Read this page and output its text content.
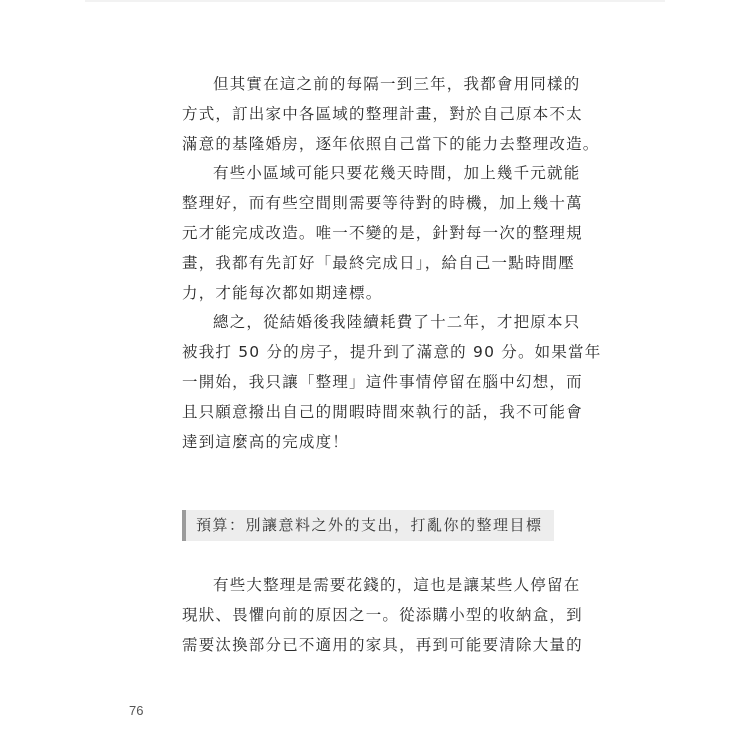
但其實在這之前的每隔一到三年，我都會用同樣的
方式，訂出家中各區域的整理計畫，對於自己原本不太
滿意的基隆婚房，逐年依照自己當下的能力去整理改造。
有些小區域可能只要花幾天時間，加上幾千元就能
整理好，而有些空間則需要等待對的時機，加上幾十萬
元才能完成改造。唯一不變的是，針對每一次的整理規
畫，我都有先訂好「最終完成日」，給自己一點時間壓
力，才能每次都如期達標。
總之，從結婚後我陸續耗費了十二年，才把原本只
被我打 50 分的房子，提升到了滿意的 90 分。如果當年
一開始，我只讓「整理」這件事情停留在腦中幻想，而
且只願意撥出自己的閒暇時間來執行的話，我不可能會
達到這麼高的完成度！
有些大整理是需要花錢的，這也是讓某些人停留在
現狀、畏懼向前的原因之一。從添購小型的收納盒，到
需要汰換部分已不適用的家具，再到可能要清除大量的
預算：別讓意料之外的支出，打亂你的整理目標
76
